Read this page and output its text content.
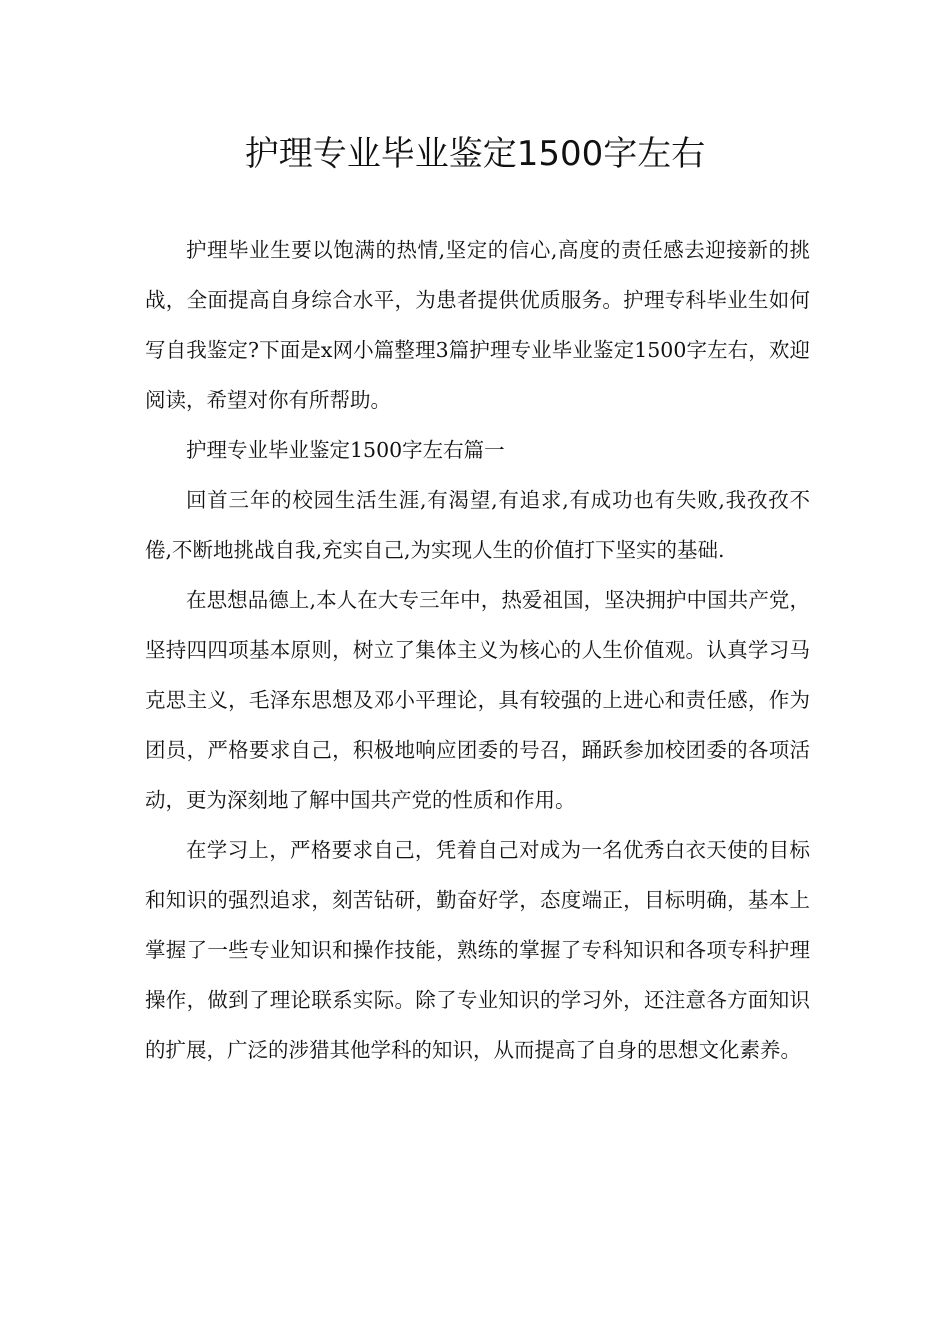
护理专业毕业鉴定1500字左右

护理毕业生要以饱满的热情,坚定的信心,高度的责任感去迎接新的挑战，全面提高自身综合水平，为患者提供优质服务。护理专科毕业生如何写自我鉴定?下面是x网小篇整理3篇护理专业毕业鉴定1500字左右，欢迎阅读，希望对你有所帮助。

护理专业毕业鉴定1500字左右篇一

回首三年的校园生活生涯,有渴望,有追求,有成功也有失败,我孜孜不倦,不断地挑战自我,充实自己,为实现人生的价值打下坚实的基础.

在思想品德上,本人在大专三年中，热爱祖国，坚决拥护中国共产党，坚持四四项基本原则，树立了集体主义为核心的人生价值观。认真学习马克思主义，毛泽东思想及邓小平理论，具有较强的上进心和责任感，作为团员，严格要求自己，积极地响应团委的号召，踊跃参加校团委的各项活动，更为深刻地了解中国共产党的性质和作用。

在学习上，严格要求自己，凭着自己对成为一名优秀白衣天使的目标和知识的强烈追求，刻苦钻研，勤奋好学，态度端正，目标明确，基本上掌握了一些专业知识和操作技能，熟练的掌握了专科知识和各项专科护理操作，做到了理论联系实际。除了专业知识的学习外，还注意各方面知识的扩展，广泛的涉猎其他学科的知识，从而提高了自身的思想文化素养。
